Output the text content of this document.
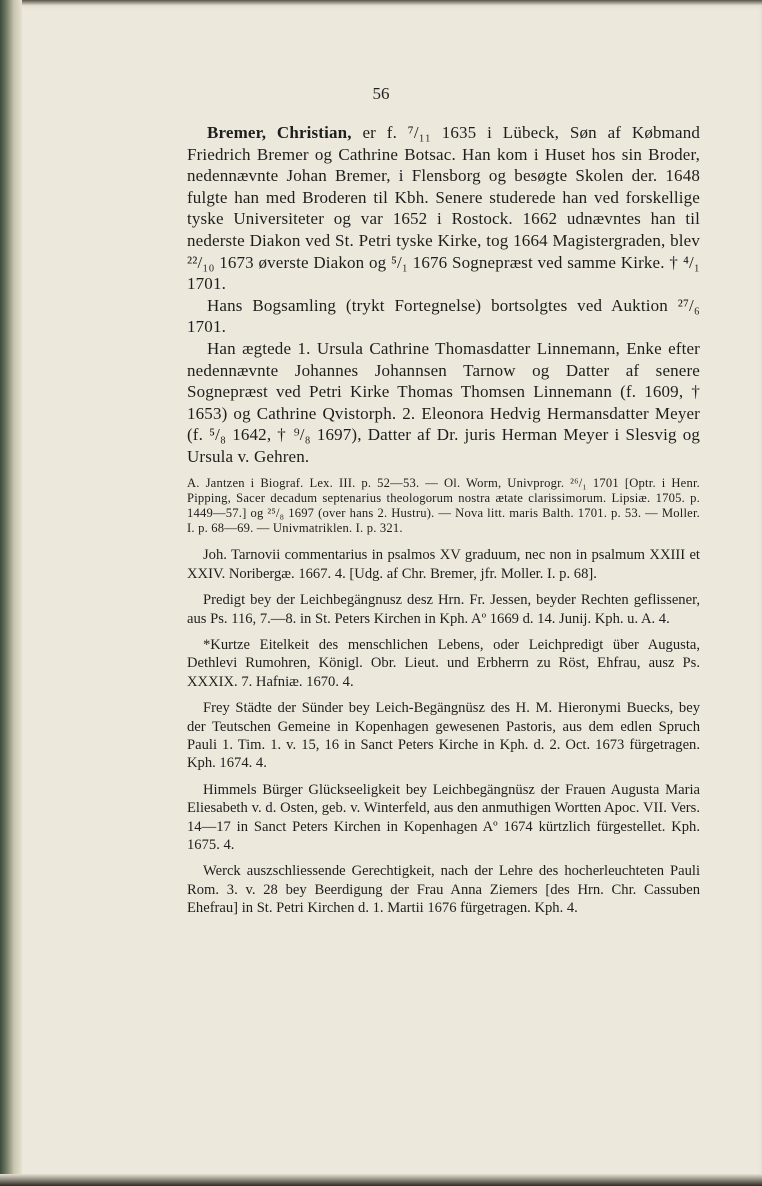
56

Bremer, Christian, er f. ⁷/₁₁ 1635 i Lübeck, Søn af Købmand Friedrich Bremer og Cathrine Botsac. Han kom i Huset hos sin Broder, nedennævnte Johan Bremer, i Flensborg og besøgte Skolen der. 1648 fulgte han med Broderen til Kbh. Senere studerede han ved forskellige tyske Universiteter og var 1652 i Rostock. 1662 udnævntes han til nederste Diakon ved St. Petri tyske Kirke, tog 1664 Magistergraden, blev ²²/₁₀ 1673 øverste Diakon og ⁵/₁ 1676 Sognepræst ved samme Kirke. † ⁴/₁ 1701.

Hans Bogsamling (trykt Fortegnelse) bortsolgtes ved Auktion ²⁷/₆ 1701.

Han ægtede 1. Ursula Cathrine Thomasdatter Linnemann, Enke efter nedennævnte Johannes Johannsen Tarnow og Datter af senere Sognepræst ved Petri Kirke Thomas Thomsen Linnemann (f. 1609, † 1653) og Cathrine Qvistorph. 2. Eleonora Hedvig Hermansdatter Meyer (f. ⁵/₈ 1642, † ⁹/₈ 1697), Datter af Dr. juris Herman Meyer i Slesvig og Ursula v. Gehren.

A. Jantzen i Biograf. Lex. III. p. 52—53. — Ol. Worm, Univprogr. ²⁶/₁ 1701 [Optr. i Henr. Pipping, Sacer decadum septenarius theologorum nostra ætate clarissimorum. Lipsiæ. 1705. p. 1449—57.] og ²⁵/₈ 1697 (over hans 2. Hustru). — Nova litt. maris Balth. 1701. p. 53. — Moller. I. p. 68—69. — Univmatriklen. I. p. 321.

Joh. Tarnovii commentarius in psalmos XV graduum, nec non in psalmum XXIII et XXIV. Noribergæ. 1667. 4. [Udg. af Chr. Bremer, jfr. Moller. I. p. 68].

Predigt bey der Leichbegängnusz desz Hrn. Fr. Jessen, beyder Rechten geflissener, aus Ps. 116, 7.—8. in St. Peters Kirchen in Kph. Aº 1669 d. 14. Junij. Kph. u. A. 4.

*Kurtze Eitelkeit des menschlichen Lebens, oder Leichpredigt über Augusta, Dethlevi Rumohren, Königl. Obr. Lieut. und Erbherrn zu Röst, Ehfrau, ausz Ps. XXXIX. 7. Hafniæ. 1670. 4.

Frey Städte der Sünder bey Leich-Begängnüsz des H. M. Hieronymi Buecks, bey der Teutschen Gemeine in Kopenhagen gewesenen Pastoris, aus dem edlen Spruch Pauli 1. Tim. 1. v. 15, 16 in Sanct Peters Kirche in Kph. d. 2. Oct. 1673 fürgetragen. Kph. 1674. 4.

Himmels Bürger Glückseeligkeit bey Leichbegängnüsz der Frauen Augusta Maria Eliesabeth v. d. Osten, geb. v. Winterfeld, aus den anmuthigen Wortten Apoc. VII. Vers. 14—17 in Sanct Peters Kirchen in Kopenhagen Aº 1674 kürtzlich fürgestellet. Kph. 1675. 4.

Werck auszschliessende Gerechtigkeit, nach der Lehre des hocherleuchteten Pauli Rom. 3. v. 28 bey Beerdigung der Frau Anna Ziemers [des Hrn. Chr. Cassuben Ehefrau] in St. Petri Kirchen d. 1. Martii 1676 fürgetragen. Kph. 4.
